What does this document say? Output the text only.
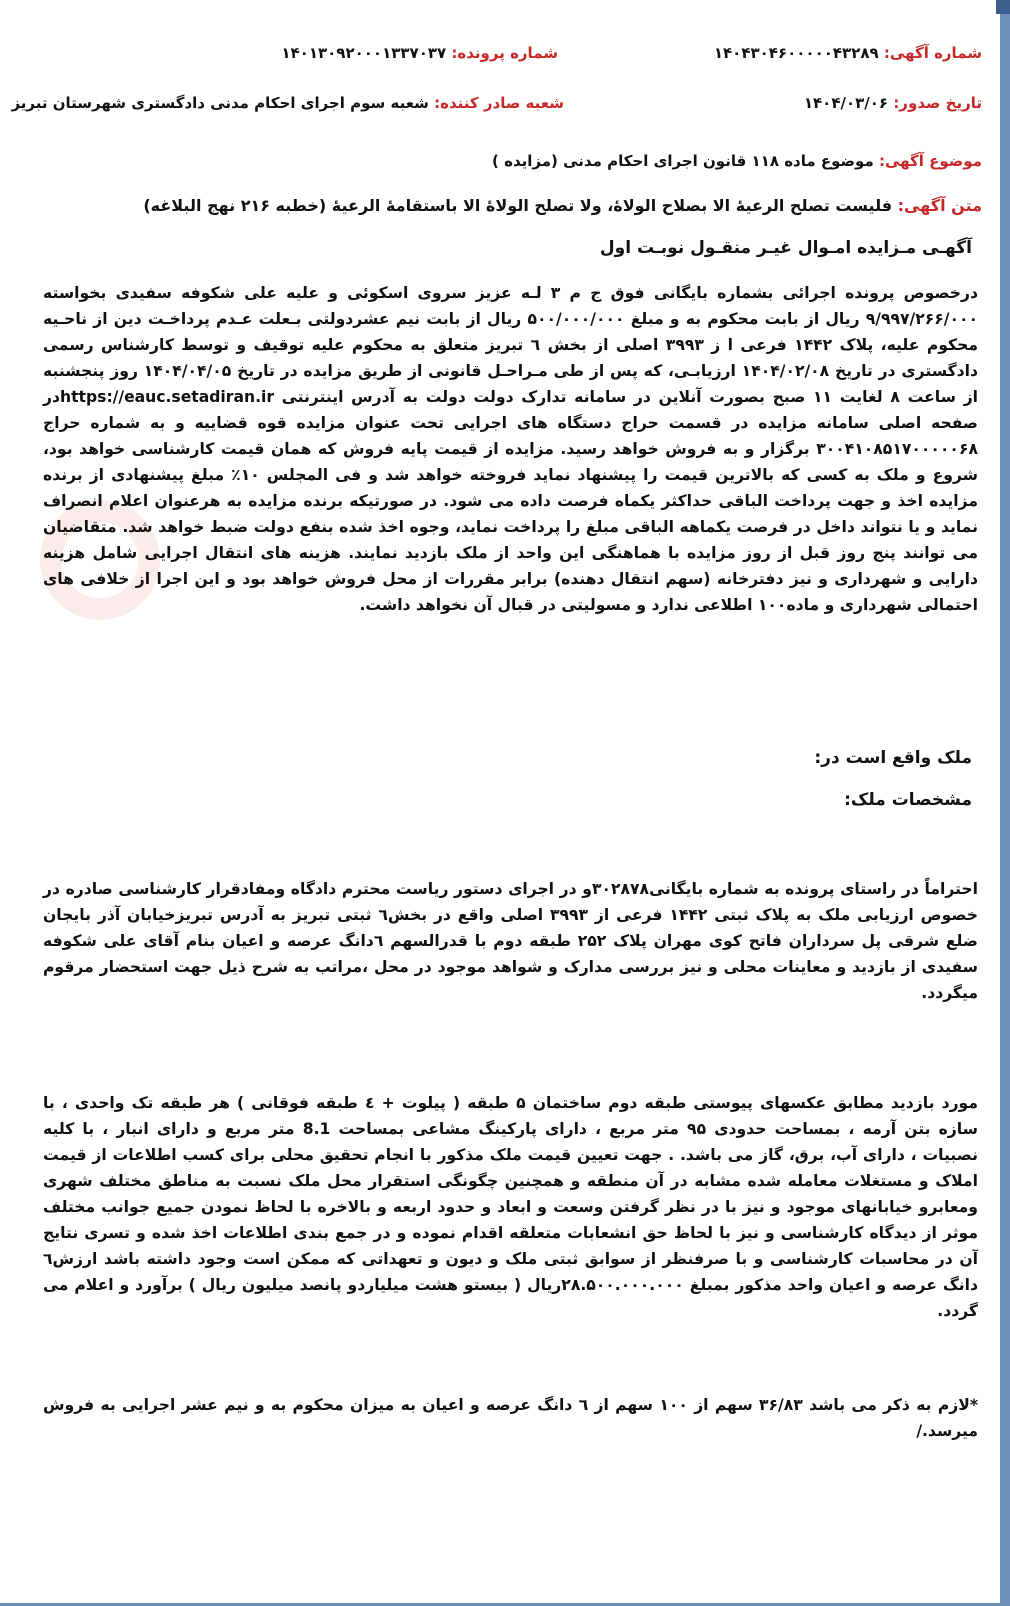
شماره آگهی: ۱۴۰۴۳۰۴۶۰۰۰۰۰۴۳۲۸۹
شماره پرونده: ۱۴۰۱۳۰۹۲۰۰۰۱۳۳۷۰۳۷
تاریخ صدور: ۱۴۰۴/۰۳/۰۶
شعبه صادر کننده: شعبه سوم اجرای احکام مدنی دادگستری شهرستان تبریز
موضوع آگهی: موضوع ماده ۱۱۸ قانون اجرای احکام مدنی (مزایده )
متن آگهی: فلیست تصلح الرعیهٔ الا بصلاح الولاهٔ، ولا تصلح الولاهٔ الا باستقامهٔ الرعیهٔ (خطبه ۲۱۶ نهج البلاغه)
آگهـی مـزایده امـوال غیـر منقـول نوبـت اول
درخصوص پرونده اجرائی بشماره بایگانی فوق ج م ۳ لـه عزیز سروی اسکوئی و علیه علی شکوفه سفیدی بخواسته ۹/۹۹۷/۲۶۶/۰۰۰ ریال از بابت محکوم به و مبلغ ۵۰۰/۰۰۰/۰۰۰ ریال از بابت نیم عشردولتی بـعلت عـدم پرداخـت دین از ناحـیه محکوم علیه، پلاک ۱۴۴۲ فرعی ا ز ۳۹۹۳ اصلی از بخش ٦ تبریز متعلق به محکوم علیه توقیف و توسط کارشناس رسمی دادگستری در تاریخ ۱۴۰۴/۰۲/۰۸ ارزیابـی، که پس از طی مـراحـل قانونی از طریق مزایده در تاریخ ۱۴۰۴/۰۴/۰۵ روز پنجشنبه از ساعت ۸ لغایت ۱۱ صبح بصورت آنلاین در سامانه تدارک دولت دولت به آدرس اینترنتی https://eauc.setadiran.irدر صفحه اصلی سامانه مزایده در قسمت حراج دستگاه های اجرایی تحت عنوان مزایده قوه قضاییه و به شماره حراج ۳۰۰۴۱۰۸۵۱۷۰۰۰۰۰۶۸ برگزار و به فروش خواهد رسید. مزایده از قیمت پایه فروش که همان قیمت کارشناسی خواهد بود، شروع و ملک به کسی که بالاترین قیمت را پیشنهاد نماید فروخته خواهد شد و فی المجلس ۱۰٪ مبلغ پیشنهادی از برنده مزایده اخذ و جهت پرداخت الباقی حداکثر یکماه فرصت داده می شود. در صورتیکه برنده مزایده به هرعنوان اعلام انصراف نماید و یا نتواند داخل در فرصت یکماهه الباقی مبلغ را پرداخت نماید، وجوه اخذ شده بنفع دولت ضبط خواهد شد. متقاضیان می توانند پنج روز قبل از روز مزایده با هماهنگی این واحد از ملک بازدید نمایند. هزینه های انتقال اجرایی شامل هزینه دارایی و شهرداری و نیز دفترخانه (سهم انتقال دهنده) برابر مقررات از محل فروش خواهد بود و این اجرا از خلافی های احتمالی شهرداری و ماده۱۰۰ اطلاعی ندارد و مسولیتی در قبال آن نخواهد داشت.
ملک واقع است در:
مشخصات ملک:
احتراماً در راستای پرونده به شماره بایگانی۳۰۲۸۷۸و در اجرای دستور ریاست محترم دادگاه ومفادقرار کارشناسی صادره در خصوص ارزیابی ملک به پلاک ثبتی ۱۴۴۲ فرعی از ۳۹۹۳ اصلی واقع در بخش٦ ثبتی تبریز به آدرس تبریزخیابان آذر بایجان ضلع شرقی پل سرداران فاتح کوی مهران پلاک ۲۵۲ طبقه دوم با قدرالسهم ٦دانگ عرصه و اعیان بنام آقای علی شکوفه سفیدی از بازدید و معاینات محلی و نیز بررسی مدارک و شواهد موجود در محل ،مراتب به شرح ذیل جهت استحضار مرقوم میگردد.
مورد بازدید مطابق عکسهای پیوستی طبقه دوم ساختمان ۵ طبقه ( پیلوت + ٤ طبقه فوقانی ) هر طبقه تک واحدی ، با سازه بتن آرمه ، بمساحت حدودی ۹۵ متر مربع ، دارای پارکینگ مشاعی بمساحت 8.1 متر مربع و دارای انبار ، با کلیه نصبیات ، دارای آب، برق، گاز می باشد. . جهت تعیین قیمت ملک مذکور با انجام تحقیق محلی برای کسب اطلاعات از قیمت املاک و مستغلات معامله شده مشابه در آن منطقه و همچنین چگونگی استقرار محل ملک نسبت به مناطق مختلف شهری ومعابرو خیابانهای موجود و نیز با در نظر گرفتن وسعت و ابعاد و حدود اربعه و بالاخره با لحاظ نمودن جمیع جوانب مختلف موثر از دیدگاه کارشناسی و نیز با لحاظ حق انشعابات متعلقه اقدام نموده و در جمع بندی اطلاعات اخذ شده و تسری نتایج آن در محاسبات کارشناسی و با صرفنظر از سوابق ثبتی ملک و دیون و تعهداتی که ممکن است وجود داشته باشد ارزش٦ دانگ عرصه و اعیان واحد مذکور بمبلغ ۲۸.۵۰۰.۰۰۰.۰۰۰ریال ( بیستو هشت میلیاردو پانصد میلیون ریال ) برآورد و اعلام می گردد.
*لازم به ذکر می باشد ۳۶/۸۳ سهم از ۱۰۰ سهم از ٦ دانگ عرصه و اعیان به میزان محکوم به و نیم عشر اجرایی به فروش میرسد./
